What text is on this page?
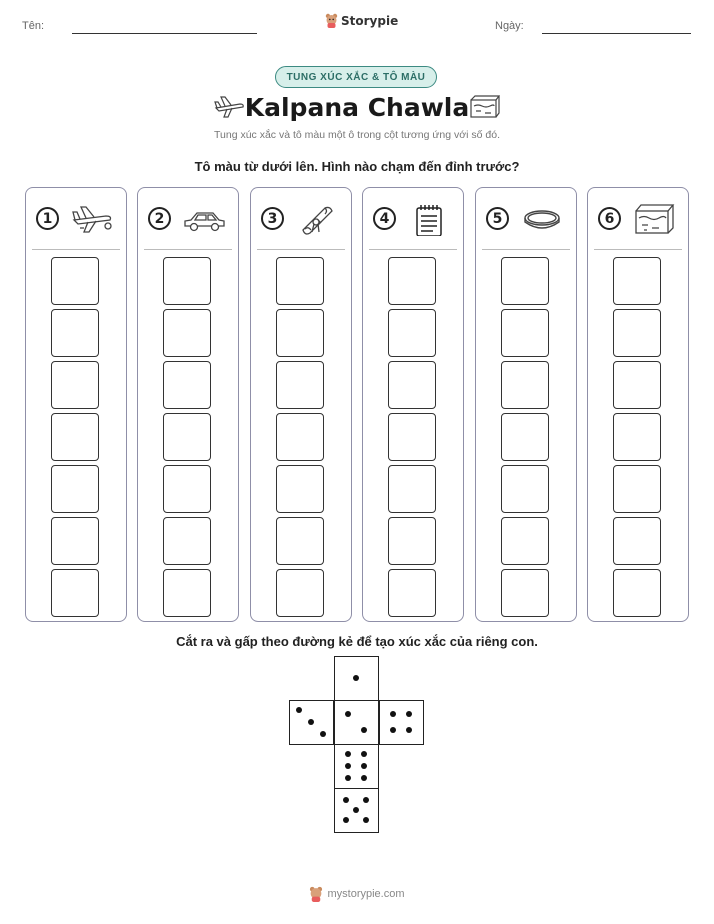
Tên:	Ngày:
Storypie
TUNG XÚC XẮC & TÔ MÀU
Kalpana Chawla
Tung xúc xắc và tô màu một ô trong cột tương ứng với số đó.
Tô màu từ dưới lên. Hình nào chạm đến đỉnh trước?
1	2	3	4	5	6
Cắt ra và gấp theo đường kẻ để tạo xúc xắc của riêng con.
mystorypie.com
